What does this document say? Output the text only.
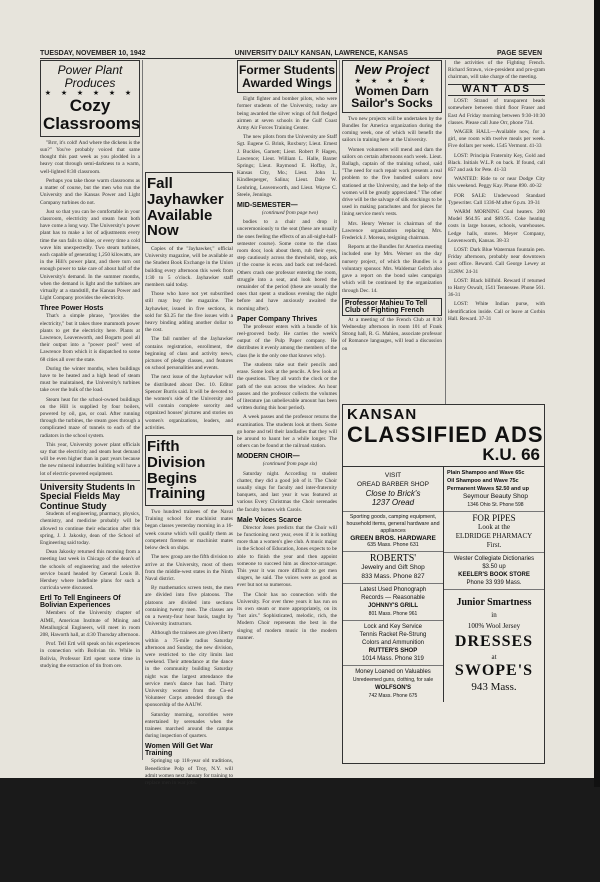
TUESDAY, NOVEMBER 10, 1942	UNIVERSITY DAILY KANSAN, LAWRENCE, KANSAS	PAGE SEVEN
Power Plant Produces
★ ★ ★ ★ ★ ★
Cozy Classrooms

"Brrr, it's cold! And where the dickens is the sun?" You've probably voiced that same thought this past week as you plodded in a heavy coat through semi-darkness to a warm, well-lighted 8:30 classroom.

Perhaps you take those warm classrooms as a matter of course, but the men who run the University and the Kansas Power and Light Company turbines do not.

Just so that you can be comfortable in your classroom, electricity and steam heat both have come a long way. The University's power plant has to make a lot of adjustments every time the sun fails to shine, or every time a cold wave hits unexpectedly. Two steam turbines, each capable of generating 1,250 kilowatts, are in the Hill's power plant, and there turn out enough power to take care of about half of the University's demand. In the summer months, when the demand is light and the turbines are virtually at a standstill, the Kansas Power and Light Company provides the electricity.

Three Power Hosts

That's a simple phrase, "provides the electricity," but it takes three mammoth power plants to get the electricity here. Plants at Lawrence, Leavenworth, and Bogarts pool all their output into a "power pool" west of Lawrence from which it is dispatched to some 68 cities all over the state.

During the winter months, when buildings have to be heated and a high head of steam must be maintained, the University's turbines take over the bulk of the load.

Steam heat for the school-owned buildings on the Hill is supplied by four boilers, powered by oil, gas, or coal. After running through the turbines, the steam goes through a complicated maze of tunnels to each of the radiators in the school system.

This year, University power plant officials say that the electricity and steam heat demand will be even higher than in past years because the new mineral industries building will have a lot of electric-powered equipment.

University Students In Special Fields May Continue Study

Students of engineering, pharmacy, physics, chemistry, and medicine probably will be allowed to continue their education after this spring, J. J. Jakosky, dean of the School of Engineering said today.

Dean Jakosky returned this morning from a meeting last week in Chicago of the dean's of the schools of engineering and the selective service board headed by General Louis B. Hershey where indefinite plans for such a curricula were discussed.

Ertl To Tell Engineers Of Bolivian Experiences

Members of the University chapter of AIME, American Institute of Mining and Metallurgical Engineers, will meet in room 208, Haworth hall, at 4:30 Thursday afternoon.

Prof. Tell Ertl will speak on his experiences in connection with Bolivian tin. While in Bolivia, Professor Ertl spent some time in studying the extraction of tin from ore.

Fall Jayhawker Available Now

Copies of the "Jayhawker," official University magazine, will be available at the Student Book Exchange in the Union building every afternoon this week from 1:30 to 5 o'clock. Jayhawker staff members said today.

Those who have not yet subscribed still may buy the magazine. The Jayhawker, issued in five sections, is sold for $3.25 for the five issues with a heavy binding adding another dollar to the cost.

The fall number of the Jayhawker contains registration, enrollment, the beginning of class and activity news, pictures of pledge classes, and features on school personalities and events.

The next issue of the Jayhawker will be distributed about Dec. 10. Editor Spencer Burris said. It will be devoted to the women's side of the University and will contain complete sorority and organized houses' pictures and stories on women's organizations, leaders, and activities.

Fifth Division Begins Training

Two hundred trainees of the Naval Training school for machinist mates began classes yesterday morning in a 16-week course which will qualify them as competent firemen or machinist mates below deck on ships.

The new group are the fifth division to arrive at the University, most of them from the middle-west states in the Ninth Naval district.

By mathematics screen tests, the men are divided into five platoons. The platoons are divided into sections containing twenty men. The classes are on a twenty-four hour basis, taught by University instructors.

Although the trainees are given liberty within a 75-mile radius Saturday afternoon and Sunday, the new division, were restricted to the city limits last weekend. Their attendance at the dance in the community building Saturday night was the largest attendance the service men's dance has had. Thirty University women from the Co-ed Volunteer Corps attended through the sponsorship of the AAUW.

Saturday morning, sororities were entertained by serenades when the trainees marched around the campus during inspection of quarters.

Women Will Get War Training

Springing up 118-year old traditions, Benedictine Polp of Troy, N.Y. will admit women next January for training to replace men in war jobs.

Former Students Awarded Wings

Eight fighter and bomber pilots, who were former students of the University, today are being awarded the silver wings of full fledged airmen at seven schools in the Gulf Coast Army Air Forces Training Center.

The new pilots from the University are Staff Sgt. Eugene G. Brink, Roxbury; Lieut. Ernest J. Buckles, Garnett; Lieut. Robert P. Hagen, Lawrence; Lieut. William L. Halle, Baxter Springs; Lieut. Raymond E. Hoffay, Jr., Kansas City, Mo.; Lieut. John L. Kindlesperger, Salina; Lieut. Dale W. Lenhring, Leavenworth, and Lieut. Wayne C. Steele, Jennings.

MID-SEMESTER—
(continued from page two)

bodies to a chair and drop it unceremoniously to the seat (these are usually the ones feeling the effects of an all-night-half-semester course). Some come to the class room door, look about them, rub their eyes, step cautiously across the threshold, stop, ask if the course is econ. and back out red-faced. Others crash one professor entering the room, struggle into a seat, and look bored the remainder of the period (these are usually the ones that spent a studious evening the night before and have anxiously awaited the morning after).

Paper Company Thrives

The professor enters with a bundle of his reel-grooved body. He carries the week's output of the Pulp Paper company. He distributes it evenly among the members of the class (he is the only one that knows why).

The students take out their pencils and erase. Some look at the pencils. A few look at the questions. They all watch the clock or the path of the sun across the window. An hour passes and the professor collects the volumes of literature (an unbelievable amount has been written during this hour period).

A week passes and the professor returns the examination. The students look at them. Some go home and tell their landladies that they will be around to haunt her a while longer. The others can be found at the railroad station.

MODERN CHOIR—
(continued from page six)

Saturday night. According to student chatter, they did a good job of it. The Choir usually sings for faculty and inter-fraternity banquets, and last year it was featured at various Every Christmas the Choir serenades the faculty homes with Carols.

Male Voices Scarce

Director Jones predicts that the Choir will be functioning next year, even if it is nothing more than a women's glee club. A music major in the School of Education, Jones expects to be able to finish the year and then appoint someone to succeed him as director-arranger. This year it was more difficult to get men singers, he said. The voices were as good as ever but not so numerous.

The Choir has no connection with the University. For over three years it has run on its own steam or more appropriately, on its "hot airs." Sophisticated, melodic, rich, the Modern Choir represents the best in the singing of modern music in the modern manner.

New Project
★ ★ ★ ★ ★
Women Darn Sailor's Socks

Two new projects will be undertaken by the Bundles for America organization during the coming week, one of which will benefit the sailors in training here at the University.

Women volunteers will mend and darn the sailors on certain afternoons each week. Lieut. Ballagh, captain of the training school, said "The need for such repair work presents a real problem to the five hundred sailors now stationed at the University, and the help of the women will be greatly appreciated." The other drive will be the salvage of silk stockings to be used in making parachutes and for pieces for lining service men's vests.

Mrs. Henry Werner is chairman of the Lawrence organization replacing Mrs. Frederick J. Moreau, resigning chairman.

Reports at the Bundles for America meeting included one by Mrs. Werner on the day nursery project, of which the Bundles is a voluntary sponsor. Mrs. Waldemar Geltch also gave a report on the bond sales campaign which will be continued by the organization through Dec. 14.

Professor Mahieu To Tell Club of Fighting French

At a meeting of the French Club at 8:30 Wednesday afternoon in room 101 of Frank Strong hall, R. G. Mahieu, associate professor of Romance languages, will lead a discussion on

the activities of the Fighting French. Richard Strawn, vice-president and pro-gram chairman, will take charge of the meeting.

WANT ADS

LOST: Strand of transparent beads somewhere between third floor Fraser and East Ad Friday morning between 9:30-10:30 classes. Please call June Orr, phone 734.

WAGER HALL—Available now, for a girl, one room with twelve meals per week. Five dollars per week. 1545 Vermont. 41-33

LOST: Principia Fraternity Key, Gold and Black. Initials W.L.P. on back. If found, call 857 and ask for Pete. 41-33

WANTED: Ride to or near Dodge City this weekend. Peggy Kay. Phone 890. 40-32

FOR SALE: Underwood Standard Typewriter. Call 1336-M after 6 p.m. 39-31

WARM MORNING Coal heaters. 200 Model $64.95 and $69.95. Coke heating costs in large houses, schools, warehouses. Ledge halls, stores. Meyer Company, Leavenworth, Kansas. 38-33

LOST: Dark Blue Waterman fountain pen. Friday afternoon, probably near downtown post office. Reward. Call George Lewey at 3128W. 24-31

LOST: Black billfold. Reward if returned to Harry Oswalt, 1541 Tennessee. Phone 561. 36-31

LOST: White Indian purse, with identification inside. Call or leave at Corbin Hall. Reward. 37-31

KANSAN
CLASSIFIED ADS
K.U. 66
VISIT
OREAD BARBER SHOP
Close to Brick's
1237 Oread
Sporting goods, camping equipment, household items, general hardware and appliances
GREEN BROS. HARDWARE
635 Mass. Phone 631
ROBERTS'
Jewelry and Gift Shop
833 Mass. Phone 827
Latest Used Phonograph
Records — Reasonable
JOHNNY'S GRILL
801 Mass. Phone 961
Lock and Key Service
Tennis Racket Re-Strung
Colors and Ammunition
RUTTER'S SHOP
1014 Mass. Phone 319
Money Loaned on Valuables
Unredeemed guns, clothing, for sale
WOLFSON'S
742 Mass. Phone 675
Plain Shampoo and Wave 65c
Oil Shampoo and Wave 75c
Permanent Waves $2.50 and up
Seymour Beauty Shop
1346 Ohio St. Phone 598
FOR PIPES
Look at the
ELDRIDGE PHARMACY
First.
Wester Collegiate Dictionaries
$3.50 up
KEELER'S BOOK STORE
Phone 33 939 Mass.
Junior Smartness
in
100% Wool Jersey
DRESSES
at
SWOPE'S
943 Mass.
